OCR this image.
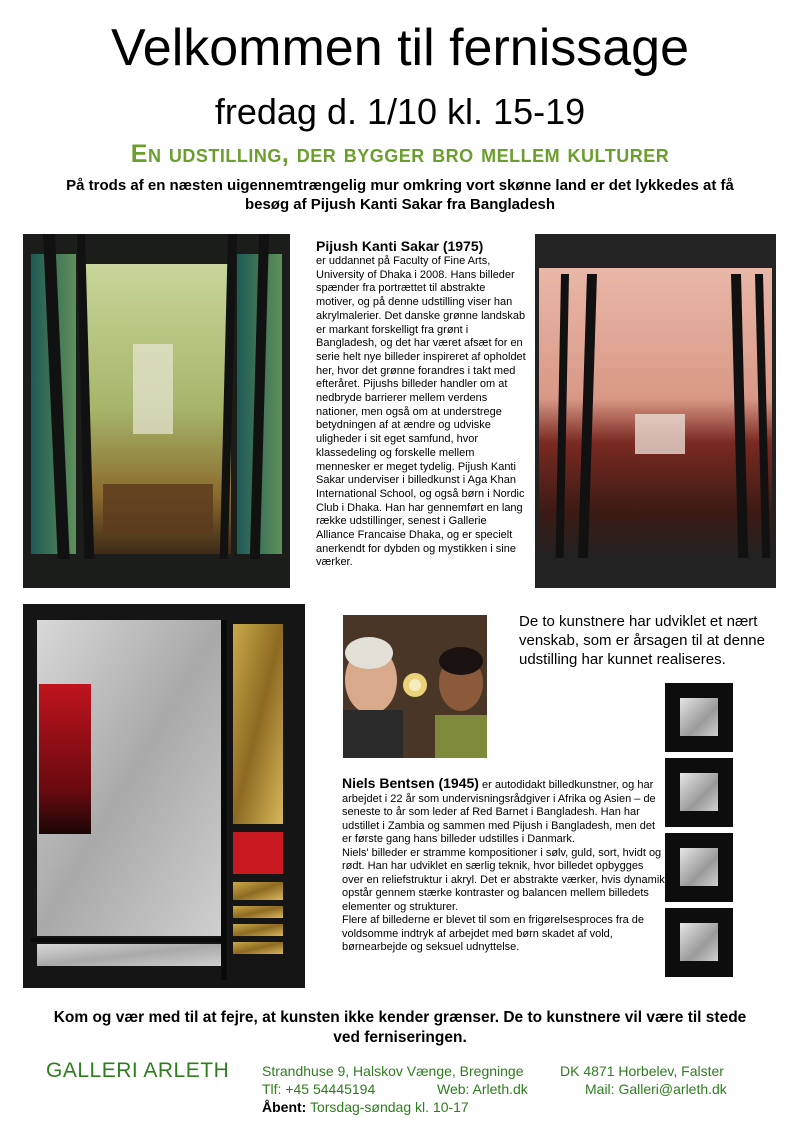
Velkommen til fernissage
fredag d. 1/10 kl. 15-19
En udstilling, der bygger bro mellem kulturer
På trods af en næsten uigennemtrængelig mur omkring vort skønne land er det lykkedes at få besøg af Pijush Kanti Sakar fra Bangladesh
Pijush Kanti Sakar (1975)
er uddannet på Faculty of Fine Arts, University of Dhaka i 2008. Hans billeder spænder fra portrættet til abstrakte motiver, og på denne udstilling viser han akrylmalerier. Det danske grønne landskab er markant forskelligt fra grønt i Bangladesh, og det har været afsæt for en serie helt nye billeder inspireret af opholdet her, hvor det grønne forandres i takt med efteråret. Pijushs billeder handler om at nedbryde barrierer mellem verdens nationer, men også om at understrege betydningen af at ændre og udviske uligheder i sit eget samfund, hvor klassedeling og forskelle mellem mennesker er meget tydelig. Pijush Kanti Sakar underviser i billedkunst i Aga Khan International School, og også børn i Nordic Club i Dhaka. Han har gennemført en lang række udstillinger, senest i Gallerie Alliance Francaise Dhaka, og er specielt anerkendt for dybden og mystikken i sine værker.
De to kunstnere har udviklet et nært venskab, som er årsagen til at denne udstilling har kunnet realiseres.
Niels Bentsen (1945) er autodidakt billedkunstner, og har arbejdet i 22 år som undervisningsrådgiver i Afrika og Asien – de seneste to år som leder af Red Barnet i Bangladesh. Han har udstillet i Zambia og sammen med Pijush i Bangladesh, men det er første gang hans billeder udstilles i Danmark.
Niels' billeder er stramme kompositioner i sølv, guld, sort, hvidt og rødt. Han har udviklet en særlig teknik, hvor billedet opbygges over en reliefstruktur i akryl. Det er abstrakte værker, hvis dynamik opstår gennem stærke kontraster og balancen mellem billedets elementer og strukturer.
Flere af billederne er blevet til som en frigørelsesproces fra de voldsomme indtryk af arbejdet med børn skadet af vold, børnearbejde og seksuel udnyttelse.
Kom og vær med til at fejre, at kunsten ikke kender grænser. De to kunstnere vil være til stede ved ferniseringen.
GALLERI ARLETH Strandhuse 9, Halskov Vænge, Bregninge	DK 4871 Horbelev, Falster
Tlf: +45 54445194	Web: Arleth.dk	Mail: Galleri@arleth.dk
Åbent: Torsdag-søndag kl. 10-17
